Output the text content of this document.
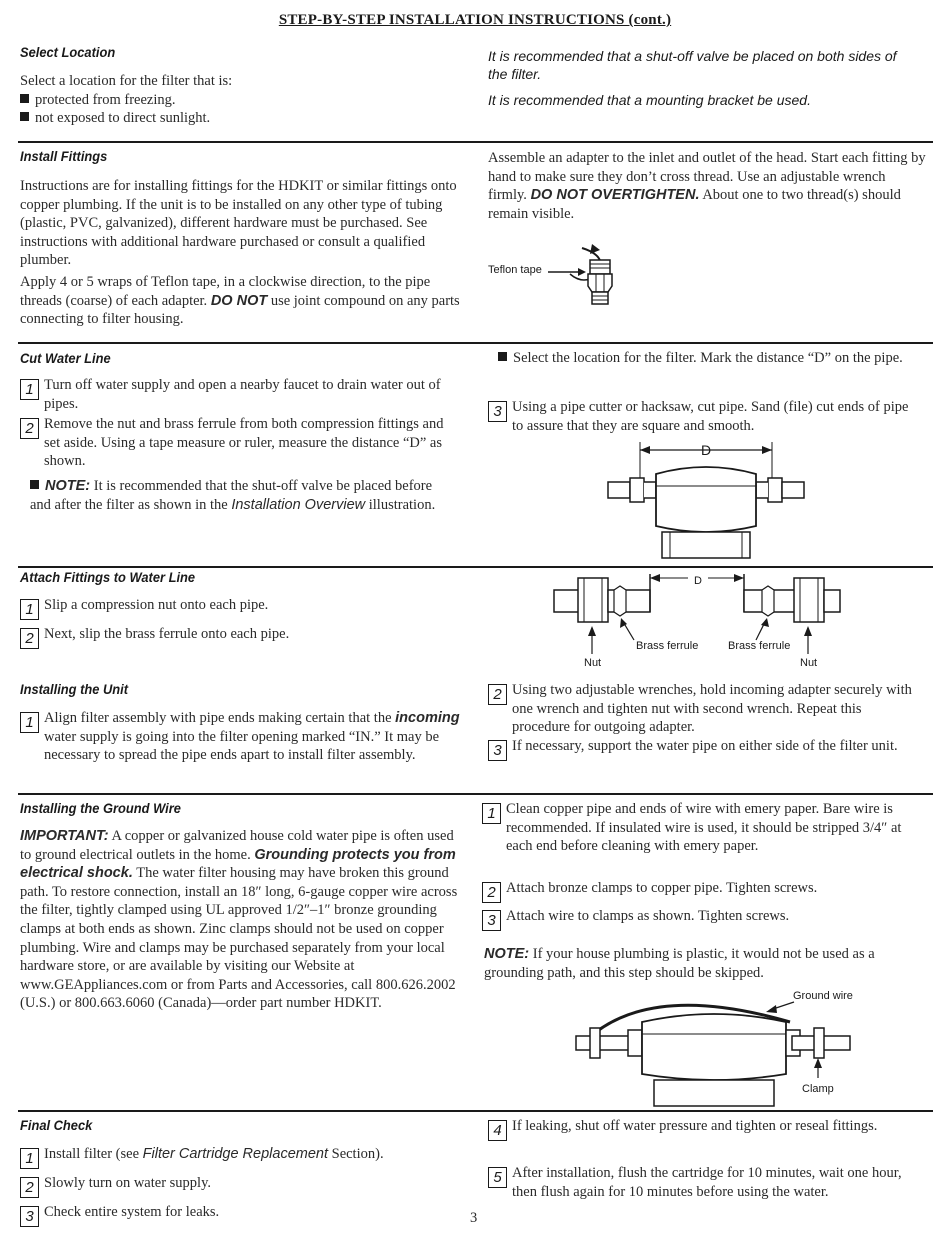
STEP-BY-STEP INSTALLATION INSTRUCTIONS (cont.)
Select Location
Select a location for the filter that is:
protected from freezing.
not exposed to direct sunlight.
It is recommended that a shut-off valve be placed on both sides of the filter.
It is recommended that a mounting bracket be used.
Install Fittings
Instructions are for installing fittings for the HDKIT or similar fittings onto copper plumbing. If the unit is to be installed on any other type of tubing (plastic, PVC, galvanized), different hardware must be purchased. See instructions with additional hardware purchased or consult a qualified plumber.
Apply 4 or 5 wraps of Teflon tape, in a clockwise direction, to the pipe threads (coarse) of each adapter. DO NOT use joint compound on any parts connecting to filter housing.
Assemble an adapter to the inlet and outlet of the head. Start each fitting by hand to make sure they don’t cross thread. Use an adjustable wrench firmly. DO NOT OVERTIGHTEN. About one to two thread(s) should remain visible.
Teflon tape
Cut Water Line
1 Turn off water supply and open a nearby faucet to drain water out of pipes.
2 Remove the nut and brass ferrule from both compression fittings and set aside. Using a tape measure or ruler, measure the distance “D” as shown.
NOTE: It is recommended that the shut-off valve be placed before and after the filter as shown in the Installation Overview illustration.
Select the location for the filter. Mark the distance “D” on the pipe.
3 Using a pipe cutter or hacksaw, cut pipe. Sand (file) cut ends of pipe to assure that they are square and smooth.
D
Attach Fittings to Water Line
1 Slip a compression nut onto each pipe.
2 Next, slip the brass ferrule onto each pipe.
D
Brass ferrule	Brass ferrule
Nut	Nut
Installing the Unit
1 Align filter assembly with pipe ends making certain that the incoming water supply is going into the filter opening marked “IN.” It may be necessary to spread the pipe ends apart to install filter assembly.
2 Using two adjustable wrenches, hold incoming adapter securely with one wrench and tighten nut with second wrench. Repeat this procedure for outgoing adapter.
3 If necessary, support the water pipe on either side of the filter unit.
Installing the Ground Wire
IMPORTANT: A copper or galvanized house cold water pipe is often used to ground electrical outlets in the home. Grounding protects you from electrical shock. The water filter housing may have broken this ground path. To restore connection, install an 18″ long, 6-gauge copper wire across the filter, tightly clamped using UL approved 1/2″–1″ bronze grounding clamps at both ends as shown. Zinc clamps should not be used on copper plumbing. Wire and clamps may be purchased separately from your local hardware store, or are available by visiting our Website at www.GEAppliances.com or from Parts and Accessories, call 800.626.2002 (U.S.) or 800.663.6060 (Canada)—order part number HDKIT.
1 Clean copper pipe and ends of wire with emery paper. Bare wire is recommended. If insulated wire is used, it should be stripped 3/4″ at each end before cleaning with emery paper.
2 Attach bronze clamps to copper pipe. Tighten screws.
3 Attach wire to clamps as shown. Tighten screws.
NOTE: If your house plumbing is plastic, it would not be used as a grounding path, and this step should be skipped.
Ground wire
Clamp
Final Check
1 Install filter (see Filter Cartridge Replacement Section).
2 Slowly turn on water supply.
3 Check entire system for leaks.
4 If leaking, shut off water pressure and tighten or reseal fittings.
5 After installation, flush the cartridge for 10 minutes, wait one hour, then flush again for 10 minutes before using the water.
3
